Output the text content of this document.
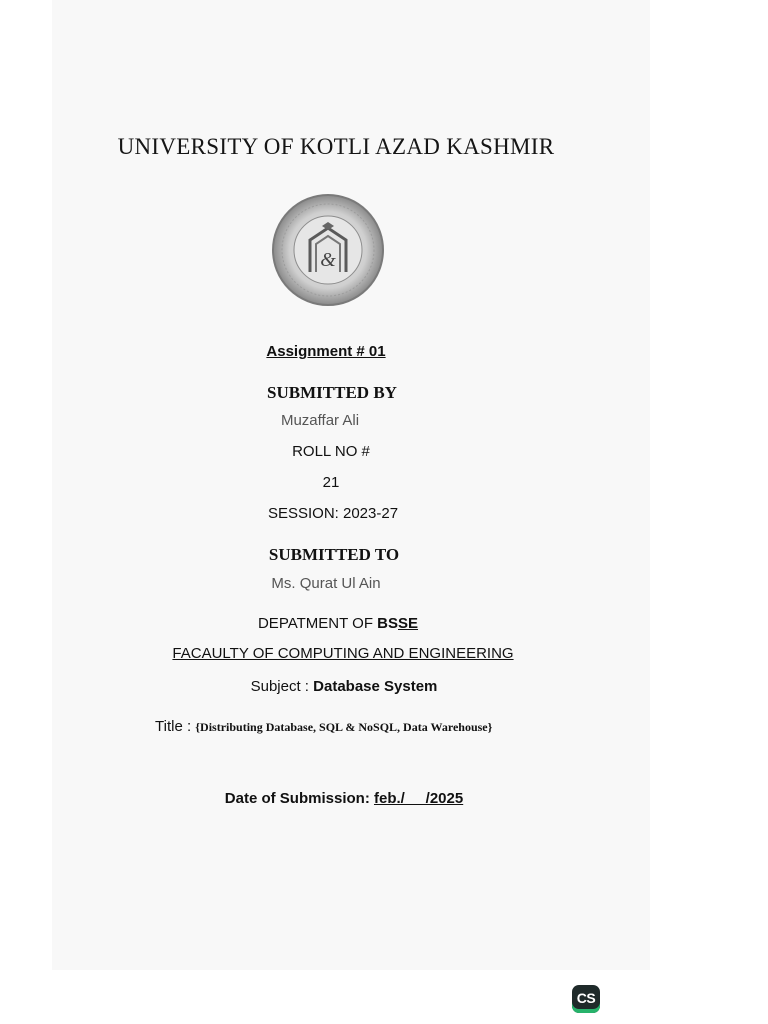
UNIVERSITY OF KOTLI AZAD KASHMIR
&
Assignment # 01
SUBMITTED BY
Muzaffar Ali
ROLL NO #
21
SESSION: 2023-27
SUBMITTED TO
Ms. Qurat Ul Ain
DEPATMENT OF BSSE
FACAULTY OF COMPUTING AND ENGINEERING
Subject : Database System
Title : {Distributing Database, SQL & NoSQL, Data Warehouse}
Date of Submission: feb./     /2025
CS
